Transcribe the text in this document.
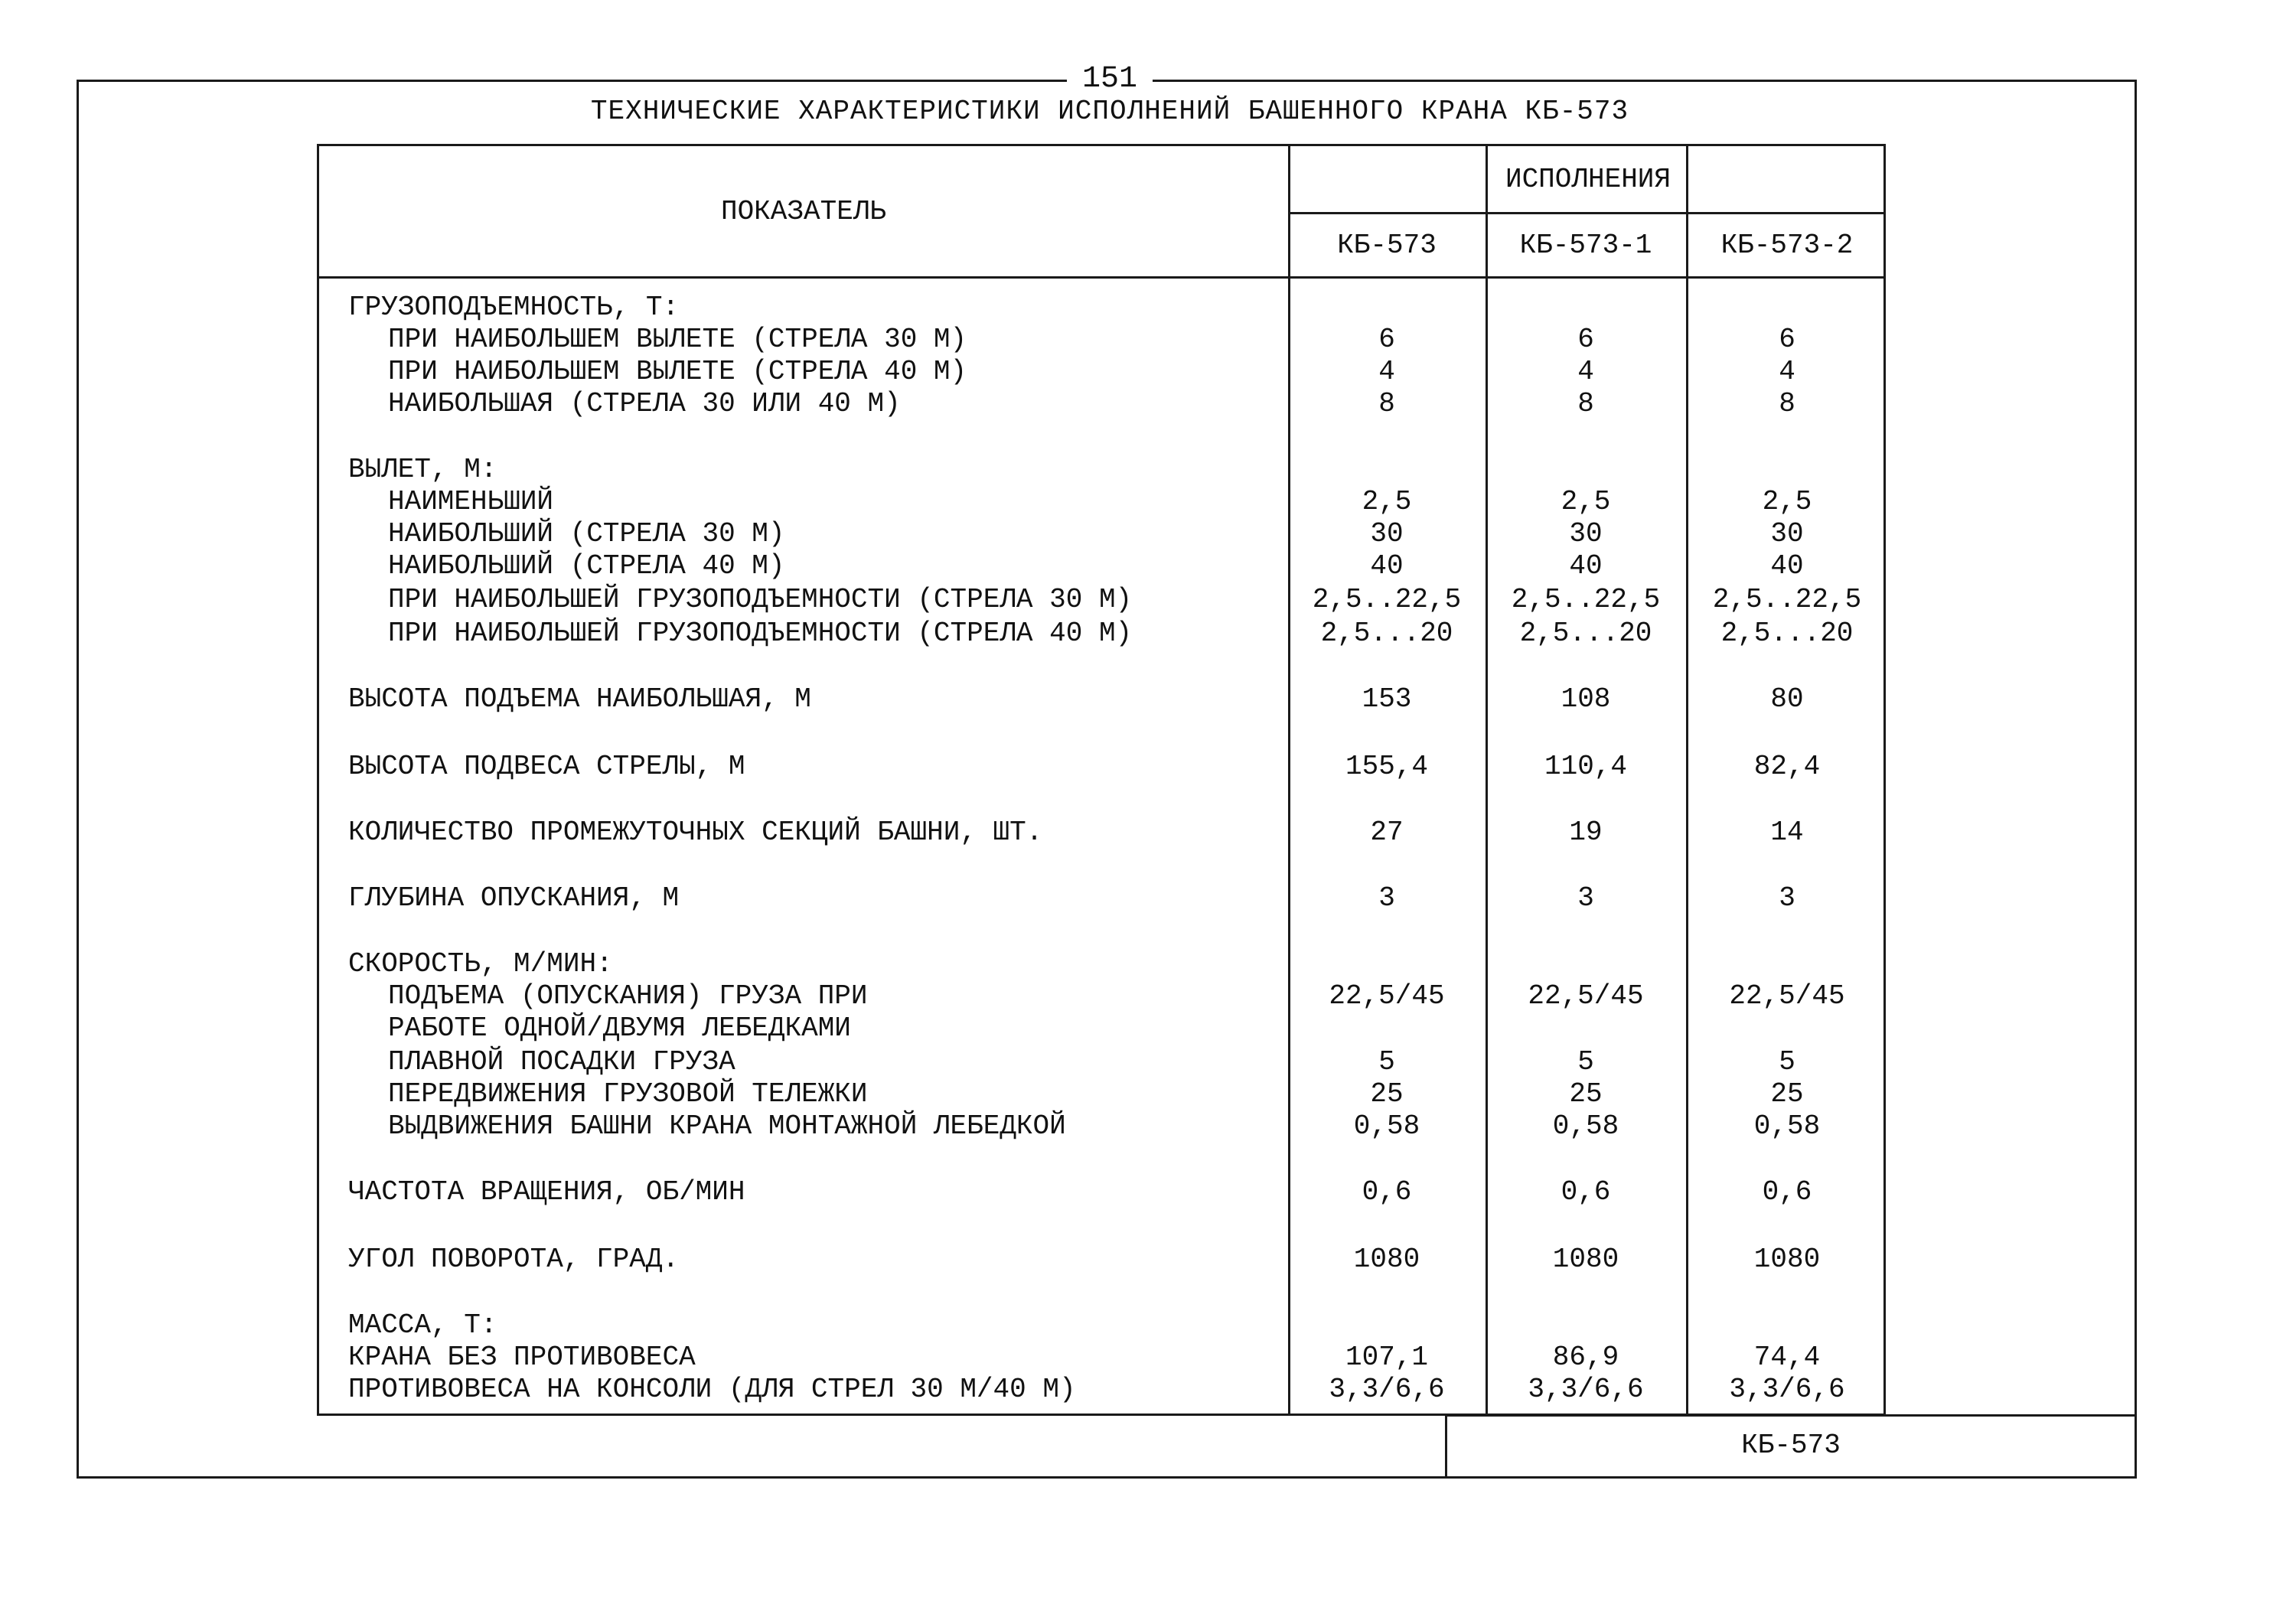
151
ТЕХНИЧЕСКИЕ ХАРАКТЕРИСТИКИ ИСПОЛНЕНИЙ БАШЕННОГО КРАНА КБ-573
ПОКАЗАТЕЛЬ
ИСПОЛНЕНИЯ
КБ-573	КБ-573-1	КБ-573-2
ГРУЗОПОДЪЕМНОСТЬ, Т:
ПРИ НАИБОЛЬШЕМ ВЫЛЕТЕ (СТРЕЛА 30 М)	6	6	6
ПРИ НАИБОЛЬШЕМ ВЫЛЕТЕ (СТРЕЛА 40 М)	4	4	4
НАИБОЛЬШАЯ (СТРЕЛА 30 ИЛИ 40 М)	8	8	8
ВЫЛЕТ, М:
НАИМЕНЬШИЙ	2,5	2,5	2,5
НАИБОЛЬШИЙ (СТРЕЛА 30 М)	30	30	30
НАИБОЛЬШИЙ (СТРЕЛА 40 М)	40	40	40
ПРИ НАИБОЛЬШЕЙ ГРУЗОПОДЪЕМНОСТИ (СТРЕЛА 30 М)	2,5..22,5	2,5..22,5	2,5..22,5
ПРИ НАИБОЛЬШЕЙ ГРУЗОПОДЪЕМНОСТИ (СТРЕЛА 40 М)	2,5...20	2,5...20	2,5...20
ВЫСОТА ПОДЪЕМА НАИБОЛЬШАЯ, М	153	108	80
ВЫСОТА ПОДВЕСА СТРЕЛЫ, М	155,4	110,4	82,4
КОЛИЧЕСТВО ПРОМЕЖУТОЧНЫХ СЕКЦИЙ БАШНИ, ШТ.	27	19	14
ГЛУБИНА ОПУСКАНИЯ, М	3	3	3
СКОРОСТЬ, М/МИН:
ПОДЪЕМА (ОПУСКАНИЯ) ГРУЗА ПРИ	22,5/45	22,5/45	22,5/45
РАБОТЕ ОДНОЙ/ДВУМЯ ЛЕБЕДКАМИ
ПЛАВНОЙ ПОСАДКИ ГРУЗА	5	5	5
ПЕРЕДВИЖЕНИЯ ГРУЗОВОЙ ТЕЛЕЖКИ	25	25	25
ВЫДВИЖЕНИЯ БАШНИ КРАНА МОНТАЖНОЙ ЛЕБЕДКОЙ	0,58	0,58	0,58
ЧАСТОТА ВРАЩЕНИЯ, ОБ/МИН	0,6	0,6	0,6
УГОЛ ПОВОРОТА, ГРАД.	1080	1080	1080
МАССА, Т:
КРАНА БЕЗ ПРОТИВОВЕСА	107,1	86,9	74,4
ПРОТИВОВЕСА НА КОНСОЛИ (ДЛЯ СТРЕЛ 30 М/40 М)	3,3/6,6	3,3/6,6	3,3/6,6
КБ-573
